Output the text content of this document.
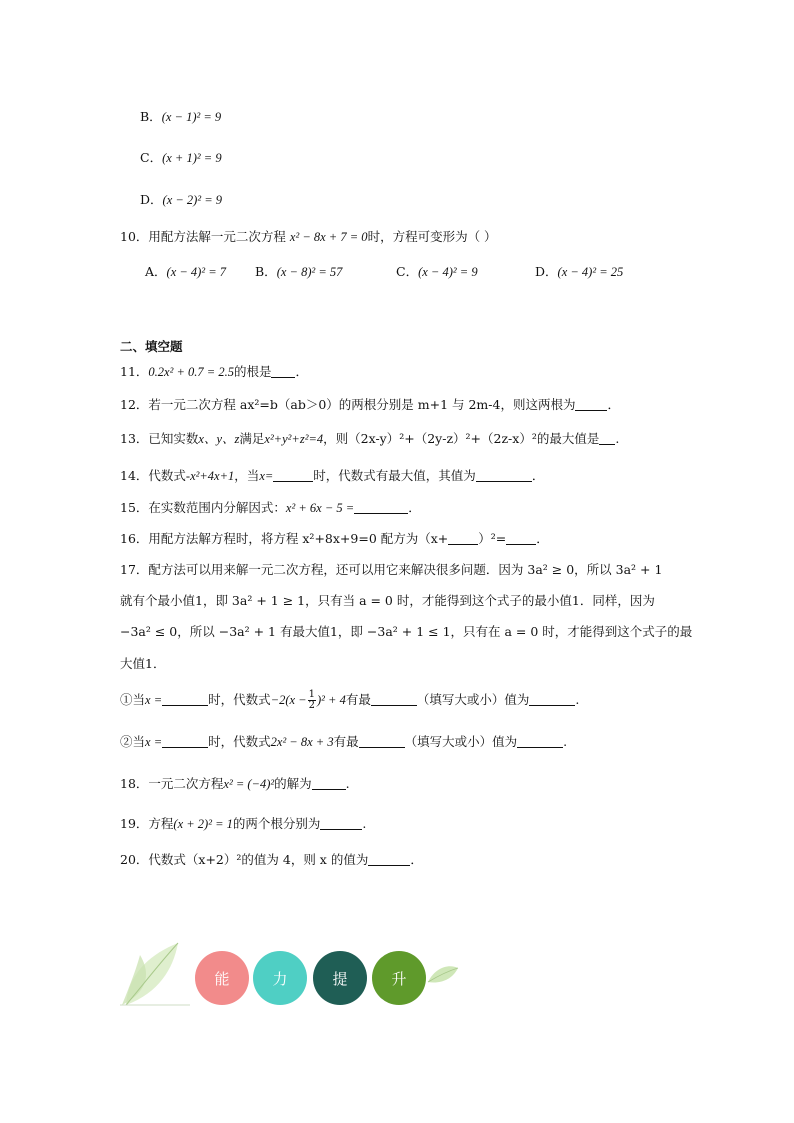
B．(x − 1)² = 9
C．(x + 1)² = 9
D．(x − 2)² = 9
10．用配方法解一元二次方程 x² − 8x + 7 = 0时，方程可变形为（ ）
A．(x − 4)² = 7 B．(x − 8)² = 57	C．(x − 4)² = 9	D．(x − 4)² = 25
二、填空题
11．0.2x² + 0.7 = 2.5的根是 ．
12．若一元二次方程 ax²=b（ab＞0）的两根分别是 m+1 与 2m-4，则这两根为	．
13．已知实数x、y、z满足x²+y²+z²=4，则（2x-y）²+（2y-z）²+（2z-x）²的最大值是 .
14．代数式-x²+4x+1，当x=	时，代数式有最大值，其值为	．
15．在实数范围内分解因式：x² + 6x − 5 =	．
16．用配方法解方程时，将方程 x²+8x+9=0 配方为（x+ ）²= ．
17．配方法可以用来解一元二次方程，还可以用它来解决很多问题．因为 3a² ≥ 0，所以 3a² + 1
就有个最小值1，即 3a² + 1 ≥ 1，只有当 a = 0 时，才能得到这个式子的最小值1．同样，因为
−3a² ≤ 0，所以 −3a² + 1 有最大值1，即 −3a² + 1 ≤ 1，只有在 a = 0 时，才能得到这个式子的最
大值1．
①当x =	时，代数式$-2(x - \frac{1}{2} )^2 + 4$有最	（填写大或小）值为	.
②当x =	时，代数式2x² − 8x + 3有最	（填写大或小）值为	.
18．一元二次方程x² = (−4)²的解为	.
19．方程(x + 2)² = 1的两个根分别为	.
20．代数式（x+2）²的值为 4，则 x 的值为	．
能	力	提	升
